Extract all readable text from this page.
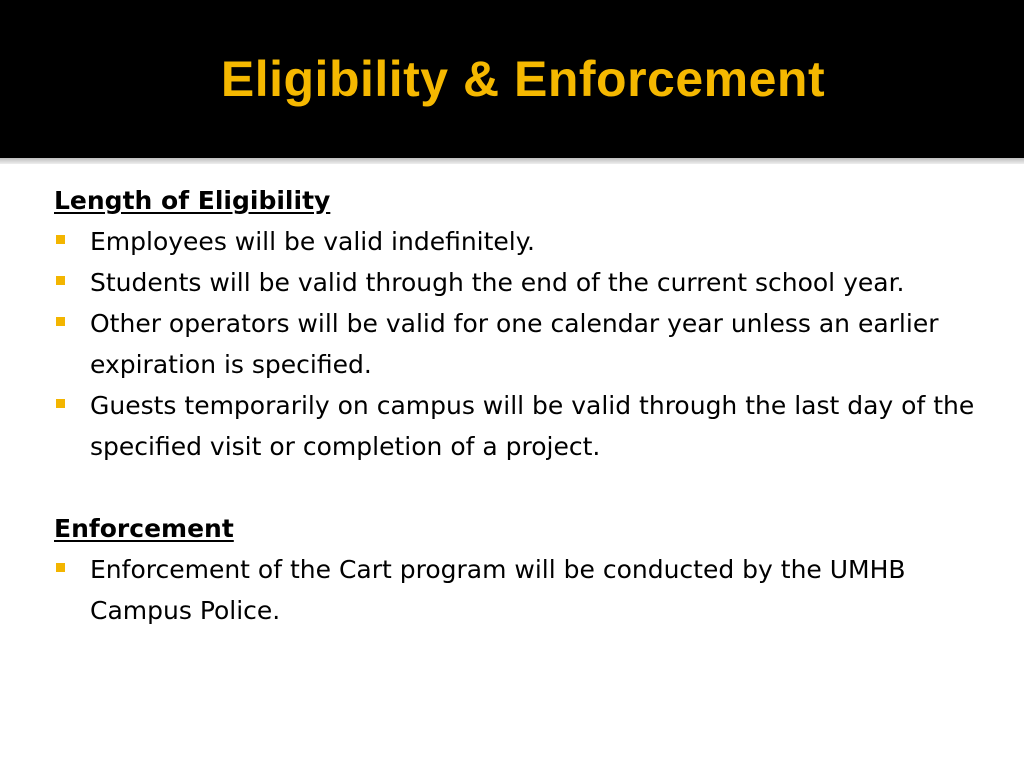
Eligibility & Enforcement
Length of Eligibility
Employees will be valid indefinitely.
Students will be valid through the end of the current school year.
Other operators will be valid for one calendar year unless an earlier expiration is specified.
Guests temporarily on campus will be valid through the last day of the specified visit or completion of a project.
Enforcement
Enforcement of the Cart program will be conducted by the UMHB Campus Police.
